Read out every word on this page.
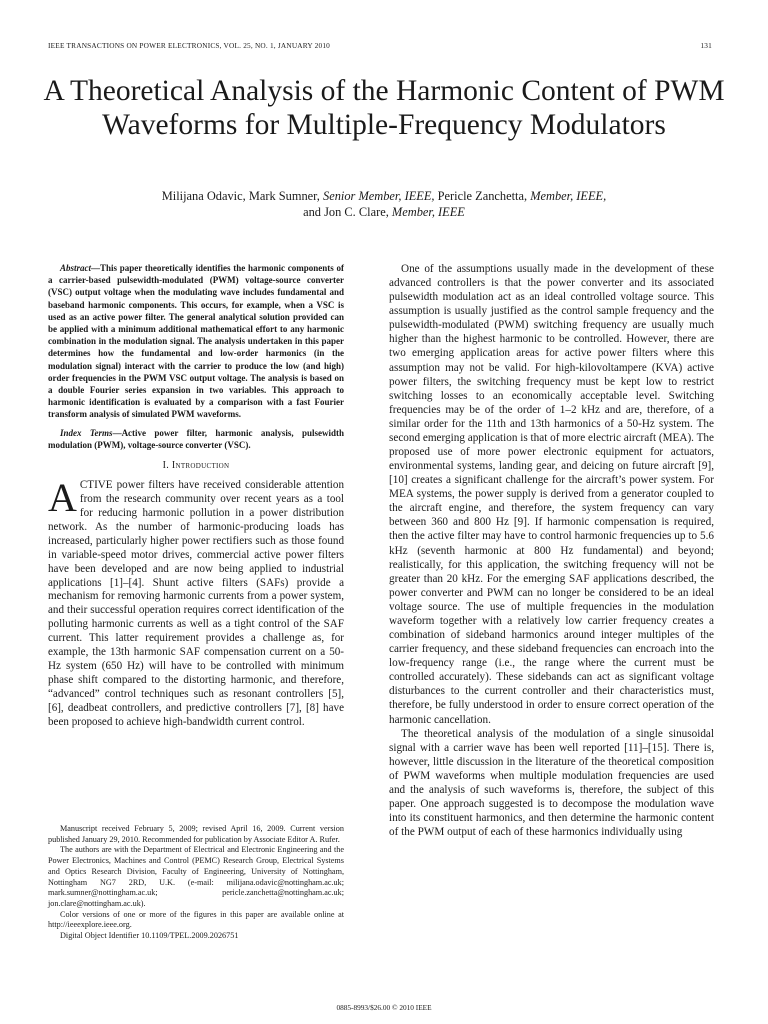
IEEE TRANSACTIONS ON POWER ELECTRONICS, VOL. 25, NO. 1, JANUARY 2010	131
A Theoretical Analysis of the Harmonic Content of PWM Waveforms for Multiple-Frequency Modulators
Milijana Odavic, Mark Sumner, Senior Member, IEEE, Pericle Zanchetta, Member, IEEE,
and Jon C. Clare, Member, IEEE

Abstract—This paper theoretically identifies the harmonic components of a carrier-based pulsewidth-modulated (PWM) voltage-source converter (VSC) output voltage when the modulating wave includes fundamental and baseband harmonic components. This occurs, for example, when a VSC is used as an active power filter. The general analytical solution provided can be applied with a minimum additional mathematical effort to any harmonic combination in the modulation signal. The analysis undertaken in this paper determines how the fundamental and low-order harmonics (in the modulation signal) interact with the carrier to produce the low (and high) order frequencies in the PWM VSC output voltage. The analysis is based on a double Fourier series expansion in two variables. This approach to harmonic identification is evaluated by a comparison with a fast Fourier transform analysis of simulated PWM waveforms.

Index Terms—Active power filter, harmonic analysis, pulsewidth modulation (PWM), voltage-source converter (VSC).

I. Introduction

ACTIVE power filters have received considerable attention from the research community over recent years as a tool for reducing harmonic pollution in a power distribution network. As the number of harmonic-producing loads has increased, particularly higher power rectifiers such as those found in variable-speed motor drives, commercial active power filters have been developed and are now being applied to industrial applications [1]–[4]. Shunt active filters (SAFs) provide a mechanism for removing harmonic currents from a power system, and their successful operation requires correct identification of the polluting harmonic currents as well as a tight control of the SAF current. This latter requirement provides a challenge as, for example, the 13th harmonic SAF compensation current on a 50-Hz system (650 Hz) will have to be controlled with minimum phase shift compared to the distorting harmonic, and therefore, “advanced” control techniques such as resonant controllers [5], [6], deadbeat controllers, and predictive controllers [7], [8] have been proposed to achieve high-bandwidth current control.

One of the assumptions usually made in the development of these advanced controllers is that the power converter and its associated pulsewidth modulation act as an ideal controlled voltage source. This assumption is usually justified as the control sample frequency and the pulsewidth-modulated (PWM) switching frequency are usually much higher than the highest harmonic to be controlled. However, there are two emerging application areas for active power filters where this assumption may not be valid. For high-kilovoltampere (KVA) active power filters, the switching frequency must be kept low to restrict switching losses to an economically acceptable level. Switching frequencies may be of the order of 1–2 kHz and are, therefore, of a similar order for the 11th and 13th harmonics of a 50-Hz system. The second emerging application is that of more electric aircraft (MEA). The proposed use of more power electronic equipment for actuators, environmental systems, landing gear, and deicing on future aircraft [9], [10] creates a significant challenge for the aircraft’s power system. For MEA systems, the power supply is derived from a generator coupled to the aircraft engine, and therefore, the system frequency can vary between 360 and 800 Hz [9]. If harmonic compensation is required, then the active filter may have to control harmonic frequencies up to 5.6 kHz (seventh harmonic at 800 Hz fundamental) and beyond; realistically, for this application, the switching frequency will not be greater than 20 kHz. For the emerging SAF applications described, the power converter and PWM can no longer be considered to be an ideal voltage source. The use of multiple frequencies in the modulation waveform together with a relatively low carrier frequency creates a combination of sideband harmonics around integer multiples of the carrier frequency, and these sideband frequencies can encroach into the low-frequency range (i.e., the range where the current must be controlled accurately). These sidebands can act as significant voltage disturbances to the current controller and their characteristics must, therefore, be fully understood in order to ensure correct operation of the harmonic cancellation.

The theoretical analysis of the modulation of a single sinusoidal signal with a carrier wave has been well reported [11]–[15]. There is, however, little discussion in the literature of the theoretical composition of PWM waveforms when multiple modulation frequencies are used and the analysis of such waveforms is, therefore, the subject of this paper. One approach suggested is to decompose the modulation wave into its constituent harmonics, and then determine the harmonic content of the PWM output of each of these harmonics individually using

Manuscript received February 5, 2009; revised April 16, 2009. Current version published January 29, 2010. Recommended for publication by Associate Editor A. Rufer.

The authors are with the Department of Electrical and Electronic Engineering and the Power Electronics, Machines and Control (PEMC) Research Group, Electrical Systems and Optics Research Division, Faculty of Engineering, University of Nottingham, Nottingham NG7 2RD, U.K. (e-mail: milijana.odavic@nottingham.ac.uk; mark.sumner@nottingham.ac.uk; pericle.zanchetta@nottingham.ac.uk; jon.clare@nottingham.ac.uk).

Color versions of one or more of the figures in this paper are available online at http://ieeexplore.ieee.org.

Digital Object Identifier 10.1109/TPEL.2009.2026751

0885-8993/$26.00 © 2010 IEEE
